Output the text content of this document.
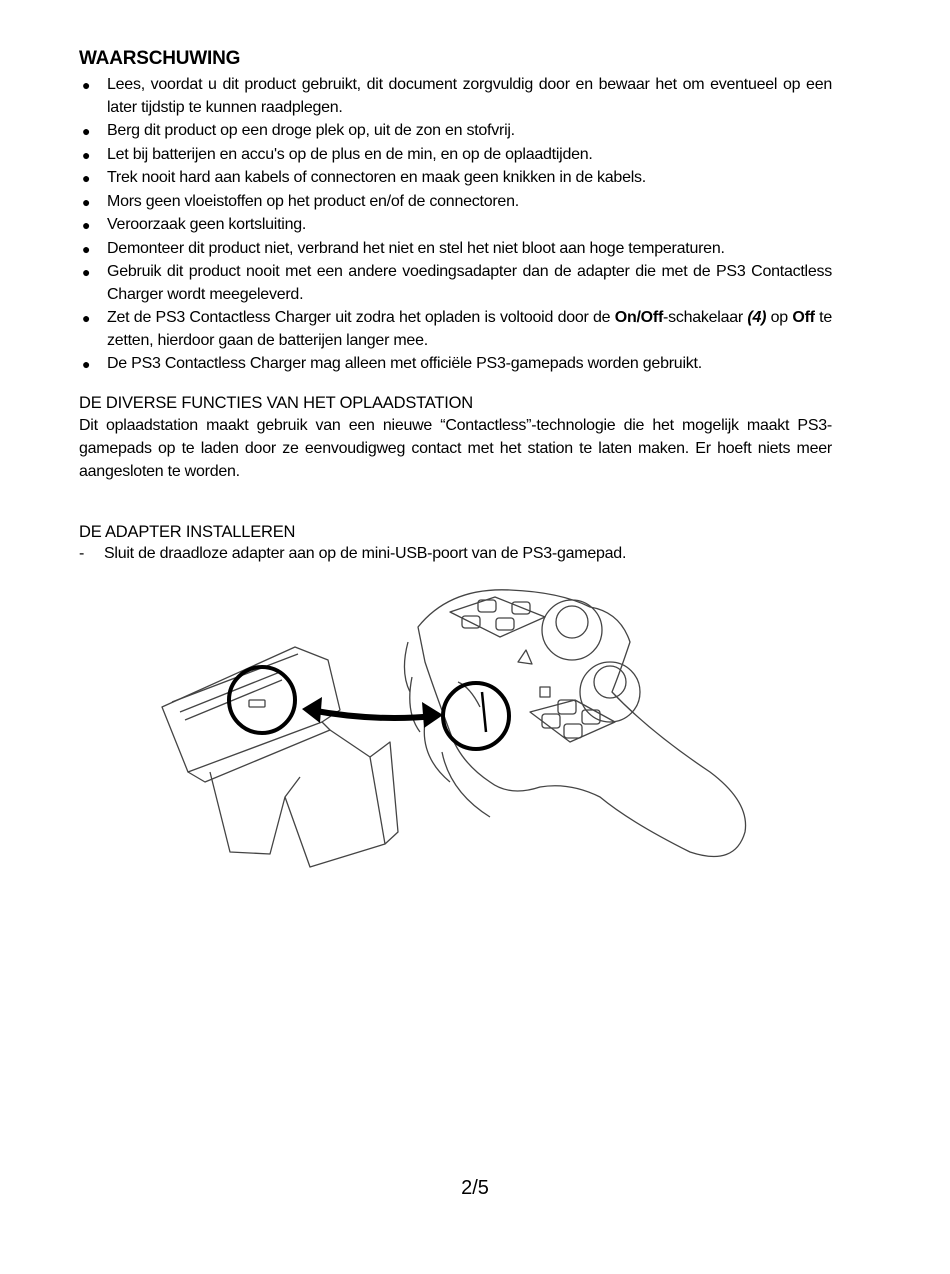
WAARSCHUWING
● Lees, voordat u dit product gebruikt, dit document zorgvuldig door en bewaar het om eventueel op een later tijdstip te kunnen raadplegen.
● Berg dit product op een droge plek op, uit de zon en stofvrij.
● Let bij batterijen en accu's op de plus en de min, en op de oplaadtijden.
● Trek nooit hard aan kabels of connectoren en maak geen knikken in de kabels.
● Mors geen vloeistoffen op het product en/of de connectoren.
● Veroorzaak geen kortsluiting.
● Demonteer dit product niet, verbrand het niet en stel het niet bloot aan hoge temperaturen.
● Gebruik dit product nooit met een andere voedingsadapter dan de adapter die met de PS3 Contactless Charger wordt meegeleverd.
● Zet de PS3 Contactless Charger uit zodra het opladen is voltooid door de On/Off-schakelaar (4) op Off te zetten, hierdoor gaan de batterijen langer mee.
● De PS3 Contactless Charger mag alleen met officiële PS3-gamepads worden gebruikt.
DE DIVERSE FUNCTIES VAN HET OPLAADSTATION

Dit oplaadstation maakt gebruik van een nieuwe “Contactless”-technologie die het mogelijk maakt PS3-gamepads op te laden door ze eenvoudigweg contact met het station te laten maken. Er hoeft niets meer aangesloten te worden.

DE ADAPTER INSTALLEREN
- Sluit de draadloze adapter aan op de mini-USB-poort van de PS3-gamepad.
2/5
